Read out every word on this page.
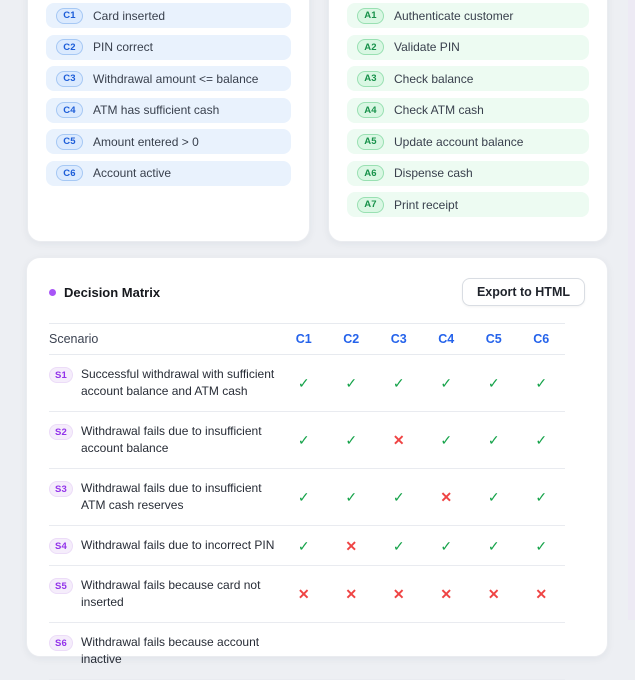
C1	Card inserted
C2	PIN correct
C3	Withdrawal amount <= balance
C4	ATM has sufficient cash
C5	Amount entered > 0
C6	Account active
A1	Authenticate customer
A2	Validate PIN
A3	Check balance
A4	Check ATM cash
A5	Update account balance
A6	Dispense cash
A7	Print receipt
Decision Matrix	Export to HTML
Scenario	C1	C2	C3	C4	C5	C6
S1	Successful withdrawal with sufficient account balance and ATM cash	✓	✓	✓	✓	✓	✓
S2	Withdrawal fails due to insufficient account balance	✓	✓	✕	✓	✓	✓
S3	Withdrawal fails due to insufficient ATM cash reserves	✓	✓	✓	✕	✓	✓
S4	Withdrawal fails due to incorrect PIN	✓	✕	✓	✓	✓	✓
S5	Withdrawal fails because card not inserted	✕	✕	✕	✕	✕	✕
S6	Withdrawal fails because account inactive
